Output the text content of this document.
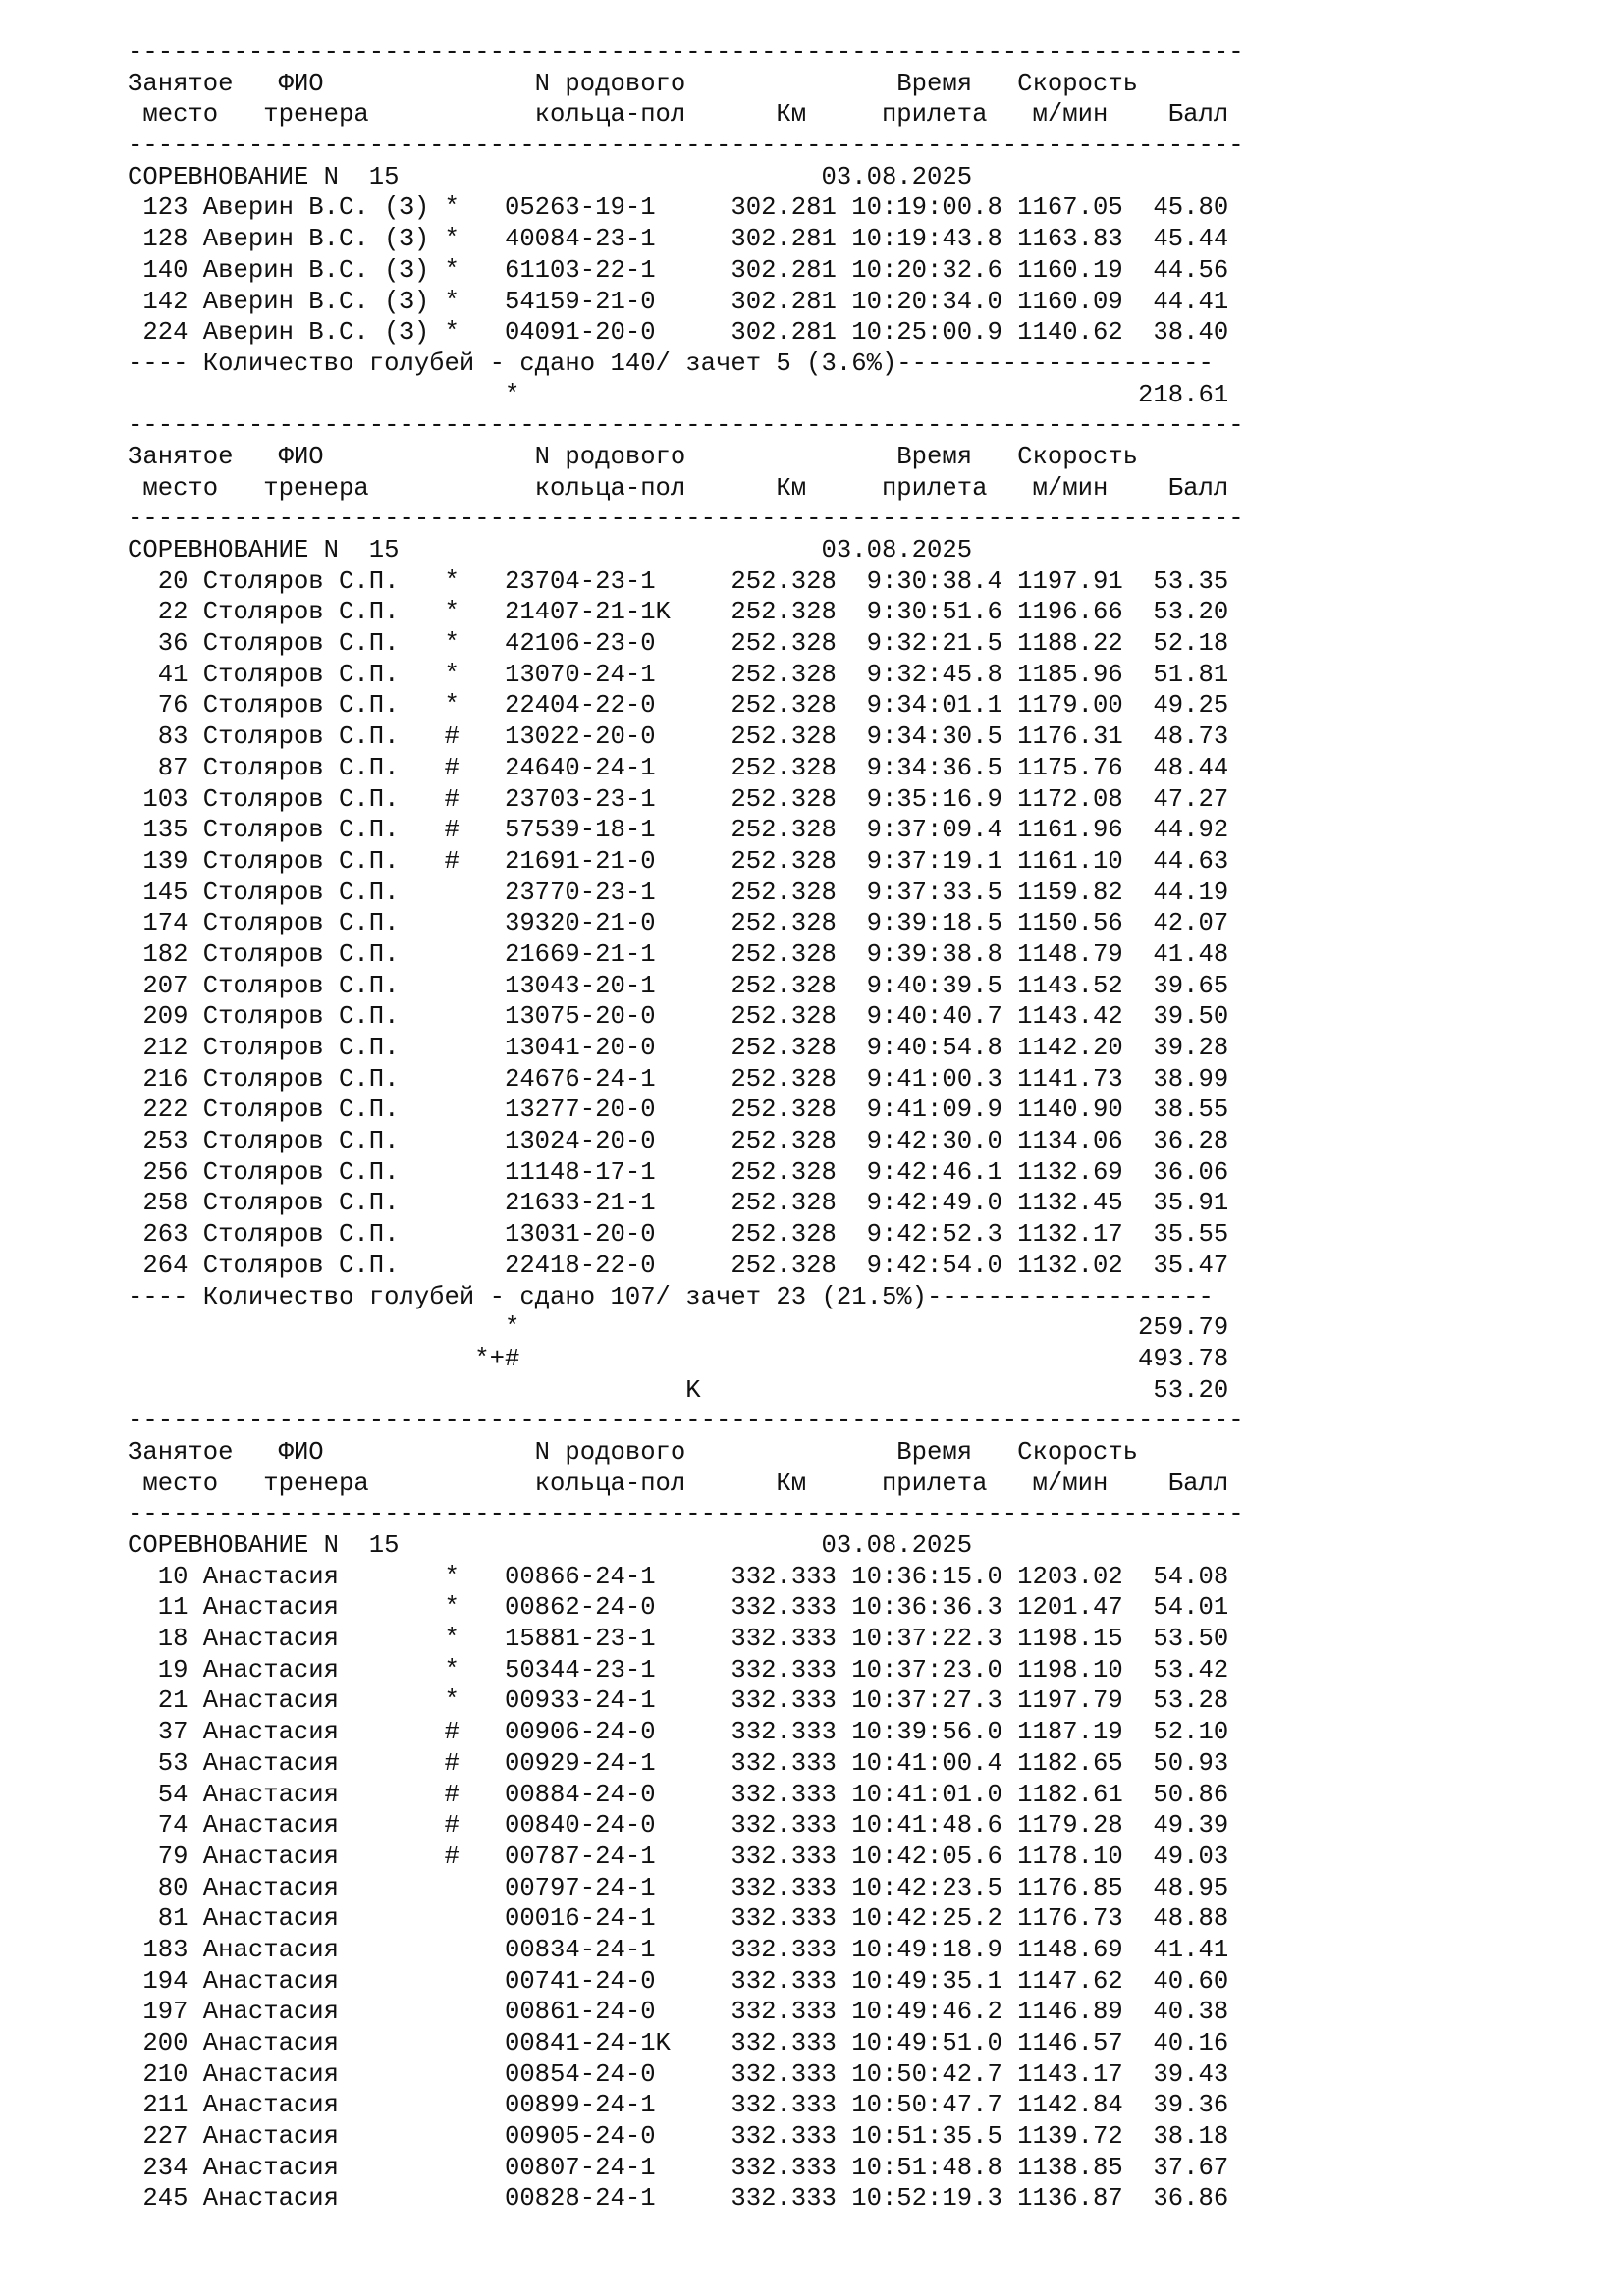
--------------------------------------------------------------------------
Занятое   ФИО              N родового              Время   Скорость
место   тренера           кольца-пол      Км     прилета   м/мин    Балл
--------------------------------------------------------------------------
СОРЕВНОВАНИЕ N  15                            03.08.2025
123 Аверин В.С. (З) *   05263-19-1     302.281 10:19:00.8 1167.05  45.80
128 Аверин В.С. (З) *   40084-23-1     302.281 10:19:43.8 1163.83  45.44
140 Аверин В.С. (З) *   61103-22-1     302.281 10:20:32.6 1160.19  44.56
142 Аверин В.С. (З) *   54159-21-0     302.281 10:20:34.0 1160.09  44.41
224 Аверин В.С. (З) *   04091-20-0     302.281 10:25:00.9 1140.62  38.40
---- Количество голубей - сдано 140/ зачет 5 (3.6%)---------------------
*                                         218.61
--------------------------------------------------------------------------
Занятое   ФИО              N родового              Время   Скорость
место   тренера           кольца-пол      Км     прилета   м/мин    Балл
--------------------------------------------------------------------------
СОРЕВНОВАНИЕ N  15                            03.08.2025
20 Столяров С.П.   *   23704-23-1     252.328  9:30:38.4 1197.91  53.35
22 Столяров С.П.   *   21407-21-1K    252.328  9:30:51.6 1196.66  53.20
36 Столяров С.П.   *   42106-23-0     252.328  9:32:21.5 1188.22  52.18
41 Столяров С.П.   *   13070-24-1     252.328  9:32:45.8 1185.96  51.81
76 Столяров С.П.   *   22404-22-0     252.328  9:34:01.1 1179.00  49.25
83 Столяров С.П.   #   13022-20-0     252.328  9:34:30.5 1176.31  48.73
87 Столяров С.П.   #   24640-24-1     252.328  9:34:36.5 1175.76  48.44
103 Столяров С.П.   #   23703-23-1     252.328  9:35:16.9 1172.08  47.27
135 Столяров С.П.   #   57539-18-1     252.328  9:37:09.4 1161.96  44.92
139 Столяров С.П.   #   21691-21-0     252.328  9:37:19.1 1161.10  44.63
145 Столяров С.П.       23770-23-1     252.328  9:37:33.5 1159.82  44.19
174 Столяров С.П.       39320-21-0     252.328  9:39:18.5 1150.56  42.07
182 Столяров С.П.       21669-21-1     252.328  9:39:38.8 1148.79  41.48
207 Столяров С.П.       13043-20-1     252.328  9:40:39.5 1143.52  39.65
209 Столяров С.П.       13075-20-0     252.328  9:40:40.7 1143.42  39.50
212 Столяров С.П.       13041-20-0     252.328  9:40:54.8 1142.20  39.28
216 Столяров С.П.       24676-24-1     252.328  9:41:00.3 1141.73  38.99
222 Столяров С.П.       13277-20-0     252.328  9:41:09.9 1140.90  38.55
253 Столяров С.П.       13024-20-0     252.328  9:42:30.0 1134.06  36.28
256 Столяров С.П.       11148-17-1     252.328  9:42:46.1 1132.69  36.06
258 Столяров С.П.       21633-21-1     252.328  9:42:49.0 1132.45  35.91
263 Столяров С.П.       13031-20-0     252.328  9:42:52.3 1132.17  35.55
264 Столяров С.П.       22418-22-0     252.328  9:42:54.0 1132.02  35.47
---- Количество голубей - сдано 107/ зачет 23 (21.5%)-------------------
*                                         259.79
*+#                                         493.78
K                              53.20
--------------------------------------------------------------------------
Занятое   ФИО              N родового              Время   Скорость
место   тренера           кольца-пол      Км     прилета   м/мин    Балл
--------------------------------------------------------------------------
СОРЕВНОВАНИЕ N  15                            03.08.2025
10 Анастасия       *   00866-24-1     332.333 10:36:15.0 1203.02  54.08
11 Анастасия       *   00862-24-0     332.333 10:36:36.3 1201.47  54.01
18 Анастасия       *   15881-23-1     332.333 10:37:22.3 1198.15  53.50
19 Анастасия       *   50344-23-1     332.333 10:37:23.0 1198.10  53.42
21 Анастасия       *   00933-24-1     332.333 10:37:27.3 1197.79  53.28
37 Анастасия       #   00906-24-0     332.333 10:39:56.0 1187.19  52.10
53 Анастасия       #   00929-24-1     332.333 10:41:00.4 1182.65  50.93
54 Анастасия       #   00884-24-0     332.333 10:41:01.0 1182.61  50.86
74 Анастасия       #   00840-24-0     332.333 10:41:48.6 1179.28  49.39
79 Анастасия       #   00787-24-1     332.333 10:42:05.6 1178.10  49.03
80 Анастасия           00797-24-1     332.333 10:42:23.5 1176.85  48.95
81 Анастасия           00016-24-1     332.333 10:42:25.2 1176.73  48.88
183 Анастасия           00834-24-1     332.333 10:49:18.9 1148.69  41.41
194 Анастасия           00741-24-0     332.333 10:49:35.1 1147.62  40.60
197 Анастасия           00861-24-0     332.333 10:49:46.2 1146.89  40.38
200 Анастасия           00841-24-1K    332.333 10:49:51.0 1146.57  40.16
210 Анастасия           00854-24-0     332.333 10:50:42.7 1143.17  39.43
211 Анастасия           00899-24-1     332.333 10:50:47.7 1142.84  39.36
227 Анастасия           00905-24-0     332.333 10:51:35.5 1139.72  38.18
234 Анастасия           00807-24-1     332.333 10:51:48.8 1138.85  37.67
245 Анастасия           00828-24-1     332.333 10:52:19.3 1136.87  36.86
